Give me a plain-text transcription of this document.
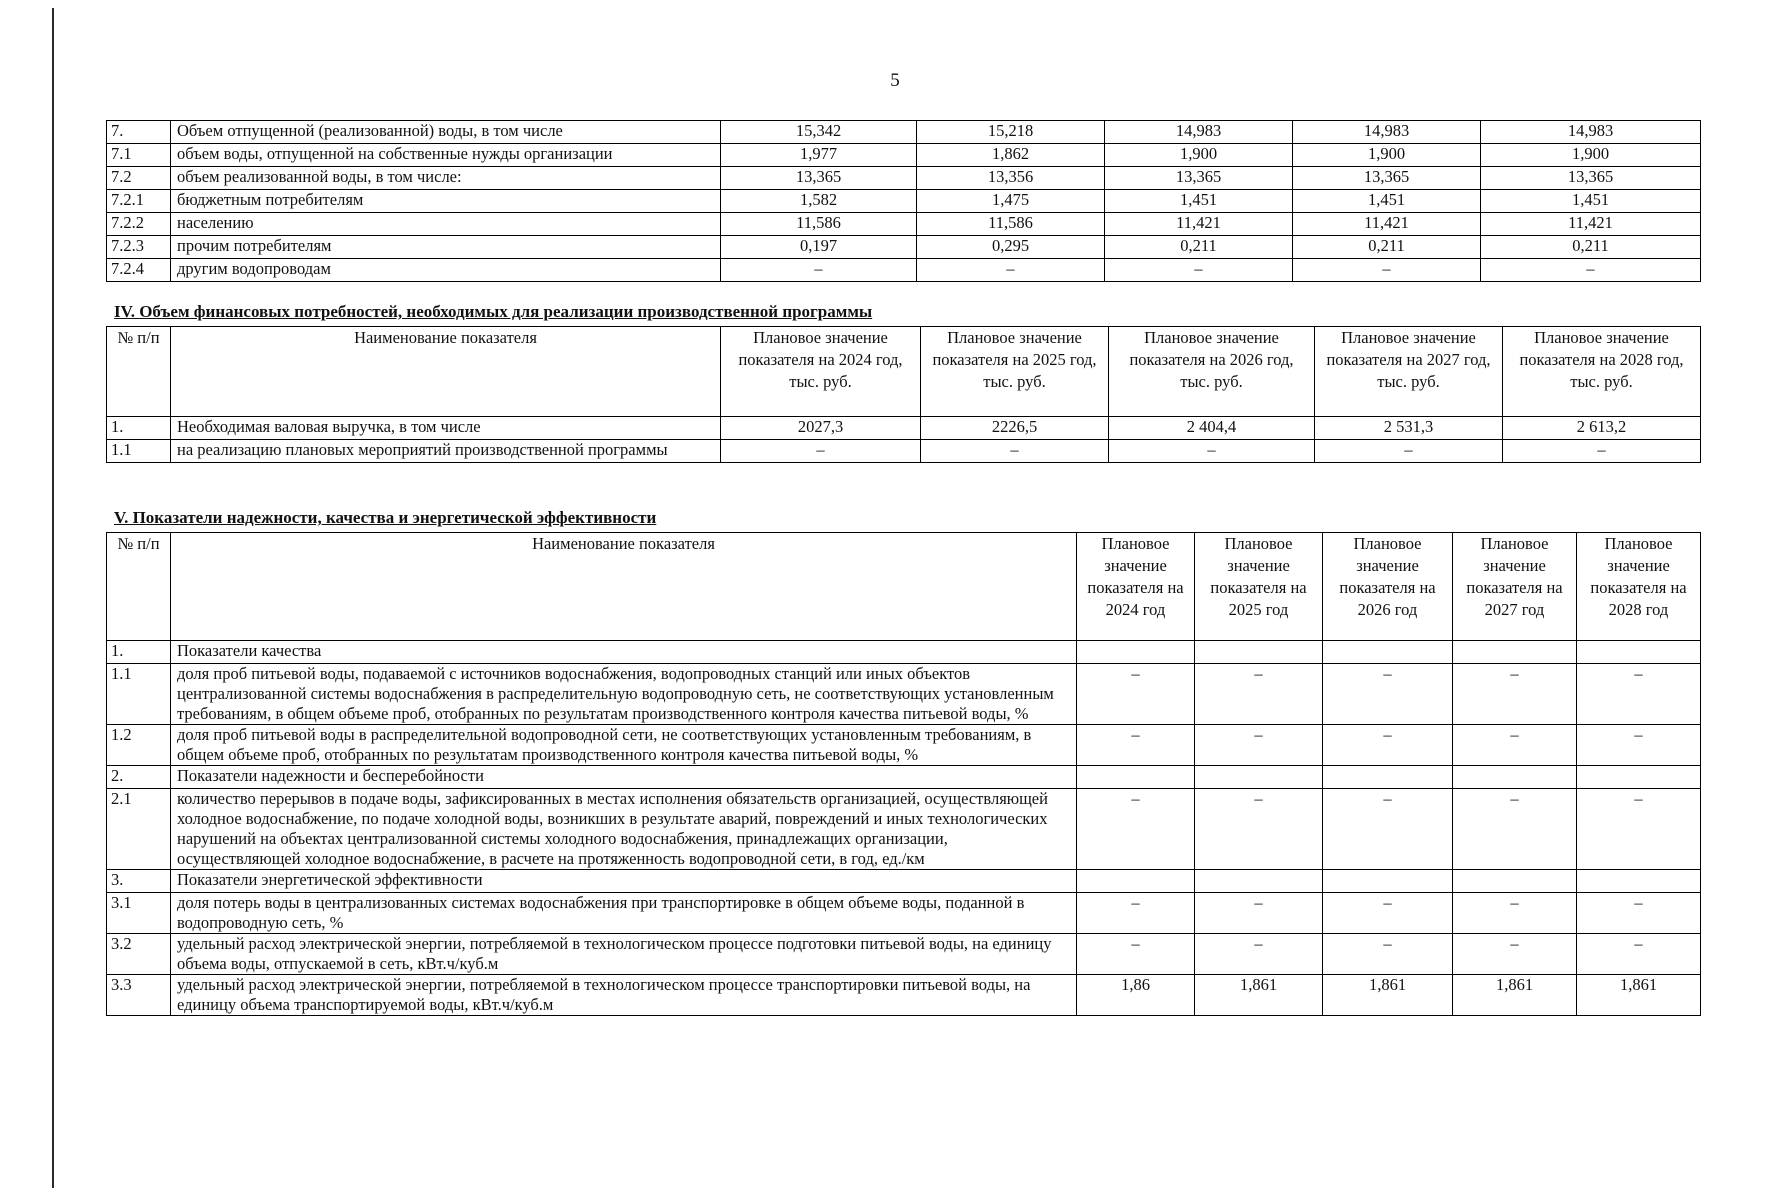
5
7.	Объем отпущенной (реализованной) воды, в том числе	15,342	15,218	14,983	14,983	14,983
7.1	объем воды, отпущенной на собственные нужды организации	1,977	1,862	1,900	1,900	1,900
7.2	объем реализованной воды, в том числе:	13,365	13,356	13,365	13,365	13,365
7.2.1	бюджетным потребителям	1,582	1,475	1,451	1,451	1,451
7.2.2	населению	11,586	11,586	11,421	11,421	11,421
7.2.3	прочим потребителям	0,197	0,295	0,211	0,211	0,211
7.2.4	другим водопроводам	–	–	–	–	–
IV. Объем финансовых потребностей, необходимых для реализации производственной программы
№ п/п	Наименование показателя	Плановое значение показателя на 2024 год, тыс. руб.	Плановое значение показателя на 2025 год, тыс. руб.	Плановое значение показателя на 2026 год, тыс. руб.	Плановое значение показателя на 2027 год, тыс. руб.	Плановое значение показателя на 2028 год, тыс. руб.
1.	Необходимая валовая выручка, в том числе	2027,3	2226,5	2 404,4	2 531,3	2 613,2
1.1	на реализацию плановых мероприятий производственной программы	–	–	–	–	–
V. Показатели надежности, качества и энергетической эффективности
№ п/п	Наименование показателя	Плановое значение показателя на 2024 год	Плановое значение показателя на 2025 год	Плановое значение показателя на 2026 год	Плановое значение показателя на 2027 год	Плановое значение показателя на 2028 год
1.	Показатели качества					
1.1	доля проб питьевой воды, подаваемой с источников водоснабжения, водопроводных станций или иных объектов централизованной системы водоснабжения в распределительную водопроводную сеть, не соответствующих установленным требованиям, в общем объеме проб, отобранных по результатам производственного контроля качества питьевой воды, %	–	–	–	–	–
1.2	доля проб питьевой воды в распределительной водопроводной сети, не соответствующих установленным требованиям, в общем объеме проб, отобранных по результатам производственного контроля качества питьевой воды, %	–	–	–	–	–
2.	Показатели надежности и бесперебойности					
2.1	количество перерывов в подаче воды, зафиксированных в местах исполнения обязательств организацией, осуществляющей холодное водоснабжение, по подаче холодной воды, возникших в результате аварий, повреждений и иных технологических нарушений на объектах централизованной системы холодного водоснабжения, принадлежащих организации, осуществляющей холодное водоснабжение, в расчете на протяженность водопроводной сети, в год, ед./км	–	–	–	–	–
3.	Показатели энергетической эффективности					
3.1	доля потерь воды в централизованных системах водоснабжения при транспортировке в общем объеме воды, поданной в водопроводную сеть, %	–	–	–	–	–
3.2	удельный расход электрической энергии, потребляемой в технологическом процессе подготовки питьевой воды, на единицу объема воды, отпускаемой в сеть, кВт.ч/куб.м	–	–	–	–	–
3.3	удельный расход электрической энергии, потребляемой в технологическом процессе транспортировки питьевой воды, на единицу объема транспортируемой воды, кВт.ч/куб.м	1,86	1,861	1,861	1,861	1,861
